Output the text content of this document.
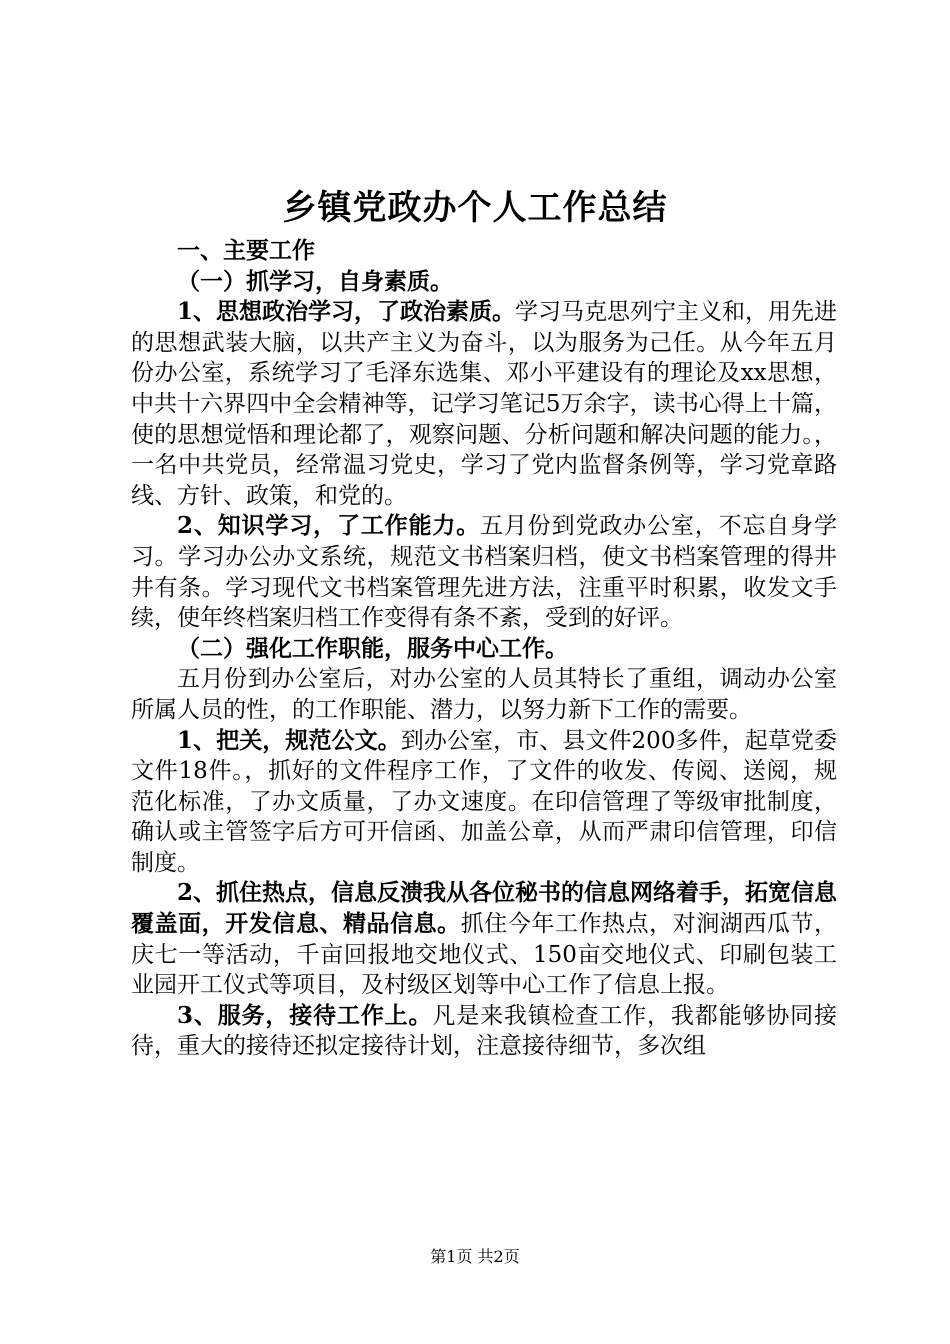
乡镇党政办个人工作总结

一、主要工作

（一）抓学习，自身素质。

1、思想政治学习，了政治素质。学习马克思列宁主义和，用先进的思想武装大脑，以共产主义为奋斗，以为服务为己任。从今年五月份办公室，系统学习了毛泽东选集、邓小平建设有的理论及xx思想，中共十六界四中全会精神等，记学习笔记5万余字，读书心得上十篇，使的思想觉悟和理论都了，观察问题、分析问题和解决问题的能力。，一名中共党员，经常温习党史，学习了党内监督条例等，学习党章路线、方针、政策，和党的。

2、知识学习，了工作能力。五月份到党政办公室，不忘自身学习。学习办公办文系统，规范文书档案归档，使文书档案管理的得井井有条。学习现代文书档案管理先进方法，注重平时积累，收发文手续，使年终档案归档工作变得有条不紊，受到的好评。

（二）强化工作职能，服务中心工作。

五月份到办公室后，对办公室的人员其特长了重组，调动办公室所属人员的性，的工作职能、潜力，以努力新下工作的需要。

1、把关，规范公文。到办公室，市、县文件200多件，起草党委文件18件。，抓好的文件程序工作，了文件的收发、传阅、送阅，规范化标准，了办文质量，了办文速度。在印信管理了等级审批制度，确认或主管签字后方可开信函、加盖公章，从而严肃印信管理，印信制度。

2、抓住热点，信息反溃我从各位秘书的信息网络着手，拓宽信息覆盖面，开发信息、精品信息。抓住今年工作热点，对涧湖西瓜节，庆七一等活动，千亩回报地交地仪式、150亩交地仪式、印刷包装工业园开工仪式等项目，及村级区划等中心工作了信息上报。

3、服务，接待工作上。凡是来我镇检查工作，我都能够协同接待，重大的接待还拟定接待计划，注意接待细节，多次组

第1页 共2页
